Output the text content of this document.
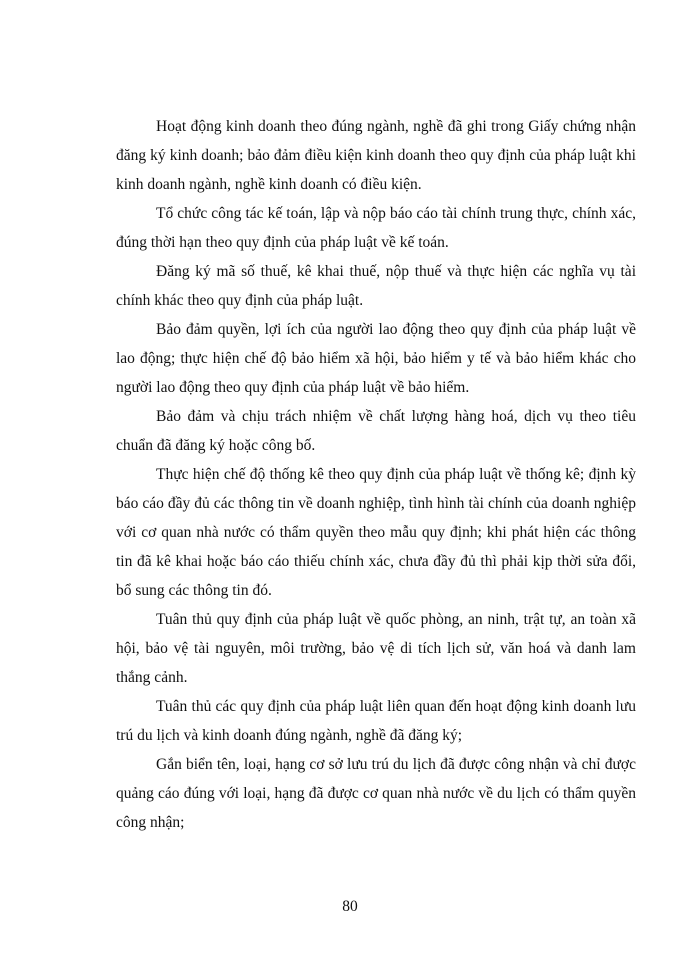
Hoạt động kinh doanh theo đúng ngành, nghề đã ghi trong Giấy chứng nhận đăng ký kinh doanh; bảo đảm điều kiện kinh doanh theo quy định của pháp luật khi kinh doanh ngành, nghề kinh doanh có điều kiện.

Tổ chức công tác kế toán, lập và nộp báo cáo tài chính trung thực, chính xác, đúng thời hạn theo quy định của pháp luật về kế toán.

Đăng ký mã số thuế, kê khai thuế, nộp thuế và thực hiện các nghĩa vụ tài chính khác theo quy định của pháp luật.

Bảo đảm quyền, lợi ích của người lao động theo quy định của pháp luật về lao động; thực hiện chế độ bảo hiểm xã hội, bảo hiểm y tế và bảo hiểm khác cho người lao động theo quy định của pháp luật về bảo hiểm.

Bảo đảm và chịu trách nhiệm về chất lượng hàng hoá, dịch vụ theo tiêu chuẩn đã đăng ký hoặc công bố.

Thực hiện chế độ thống kê theo quy định của pháp luật về thống kê; định kỳ báo cáo đầy đủ các thông tin về doanh nghiệp, tình hình tài chính của doanh nghiệp với cơ quan nhà nước có thẩm quyền theo mẫu quy định; khi phát hiện các thông tin đã kê khai hoặc báo cáo thiếu chính xác, chưa đầy đủ thì phải kịp thời sửa đổi, bổ sung các thông tin đó.

Tuân thủ quy định của pháp luật về quốc phòng, an ninh, trật tự, an toàn xã hội, bảo vệ tài nguyên, môi trường, bảo vệ di tích lịch sử, văn hoá và danh lam thắng cảnh.

Tuân thủ các quy định của pháp luật liên quan đến hoạt động kinh doanh lưu trú du lịch và kinh doanh đúng ngành, nghề đã đăng ký;

Gắn biển tên, loại, hạng cơ sở lưu trú du lịch đã được công nhận và chỉ được quảng cáo đúng với loại, hạng đã được cơ quan nhà nước về du lịch có thẩm quyền công nhận;

80
